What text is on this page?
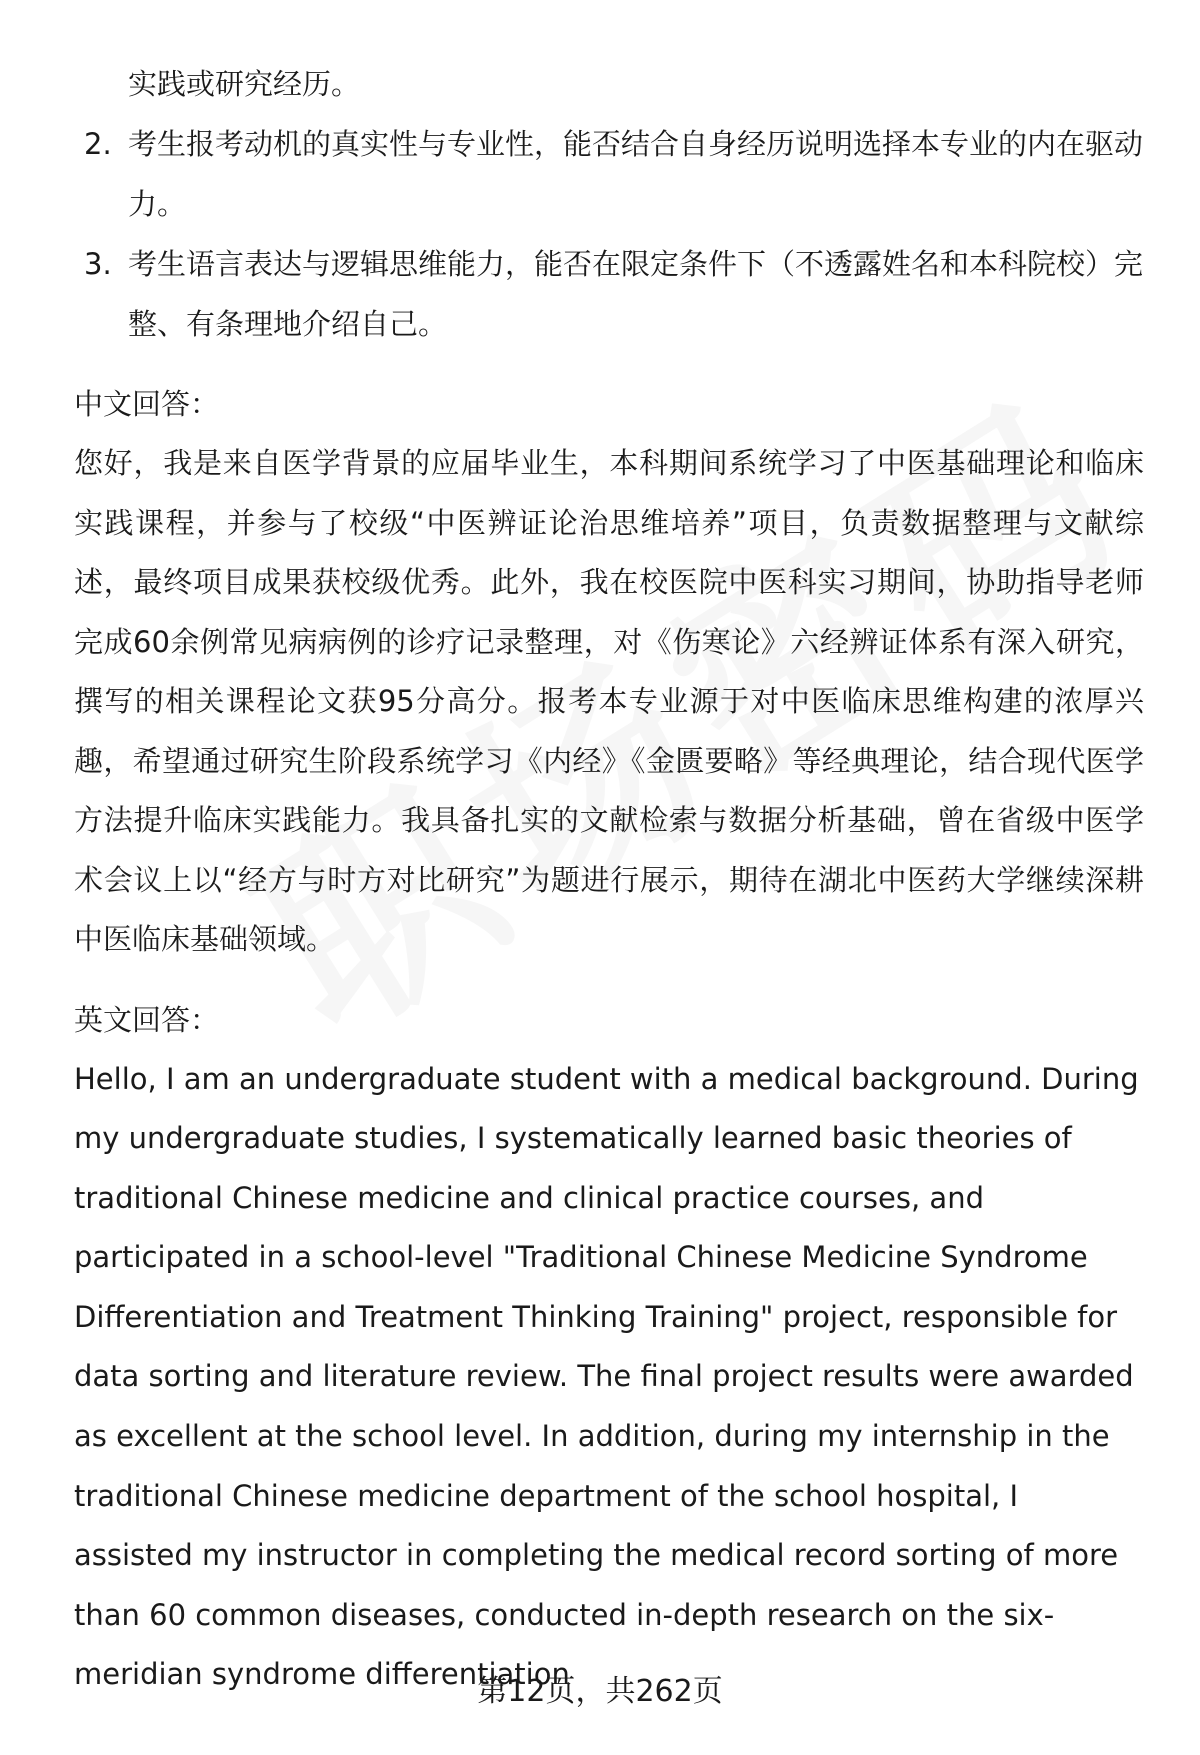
实践或研究经历。
2. 考生报考动机的真实性与专业性，能否结合自身经历说明选择本专业的内在驱动力。
3. 考生语言表达与逻辑思维能力，能否在限定条件下（不透露姓名和本科院校）完整、有条理地介绍自己。
中文回答：

您好，我是来自医学背景的应届毕业生，本科期间系统学习了中医基础理论和临床实践课程，并参与了校级“中医辨证论治思维培养”项目，负责数据整理与文献综述，最终项目成果获校级优秀。此外，我在校医院中医科实习期间，协助指导老师完成60余例常见病病例的诊疗记录整理，对《伤寒论》六经辨证体系有深入研究，撰写的相关课程论文获95分高分。报考本专业源于对中医临床思维构建的浓厚兴趣，希望通过研究生阶段系统学习《内经》《金匮要略》等经典理论，结合现代医学方法提升临床实践能力。我具备扎实的文献检索与数据分析基础，曾在省级中医学术会议上以“经方与时方对比研究”为题进行展示，期待在湖北中医药大学继续深耕中医临床基础领域。

英文回答：

Hello, I am an undergraduate student with a medical background. During my undergraduate studies, I systematically learned basic theories of traditional Chinese medicine and clinical practice courses, and participated in a school-level "Traditional Chinese Medicine Syndrome Differentiation and Treatment Thinking Training" project, responsible for data sorting and literature review. The final project results were awarded as excellent at the school level. In addition, during my internship in the traditional Chinese medicine department of the school hospital, I assisted my instructor in completing the medical record sorting of more than 60 common diseases, conducted in-depth research on the six-meridian syndrome differentiation

第12页，共262页
